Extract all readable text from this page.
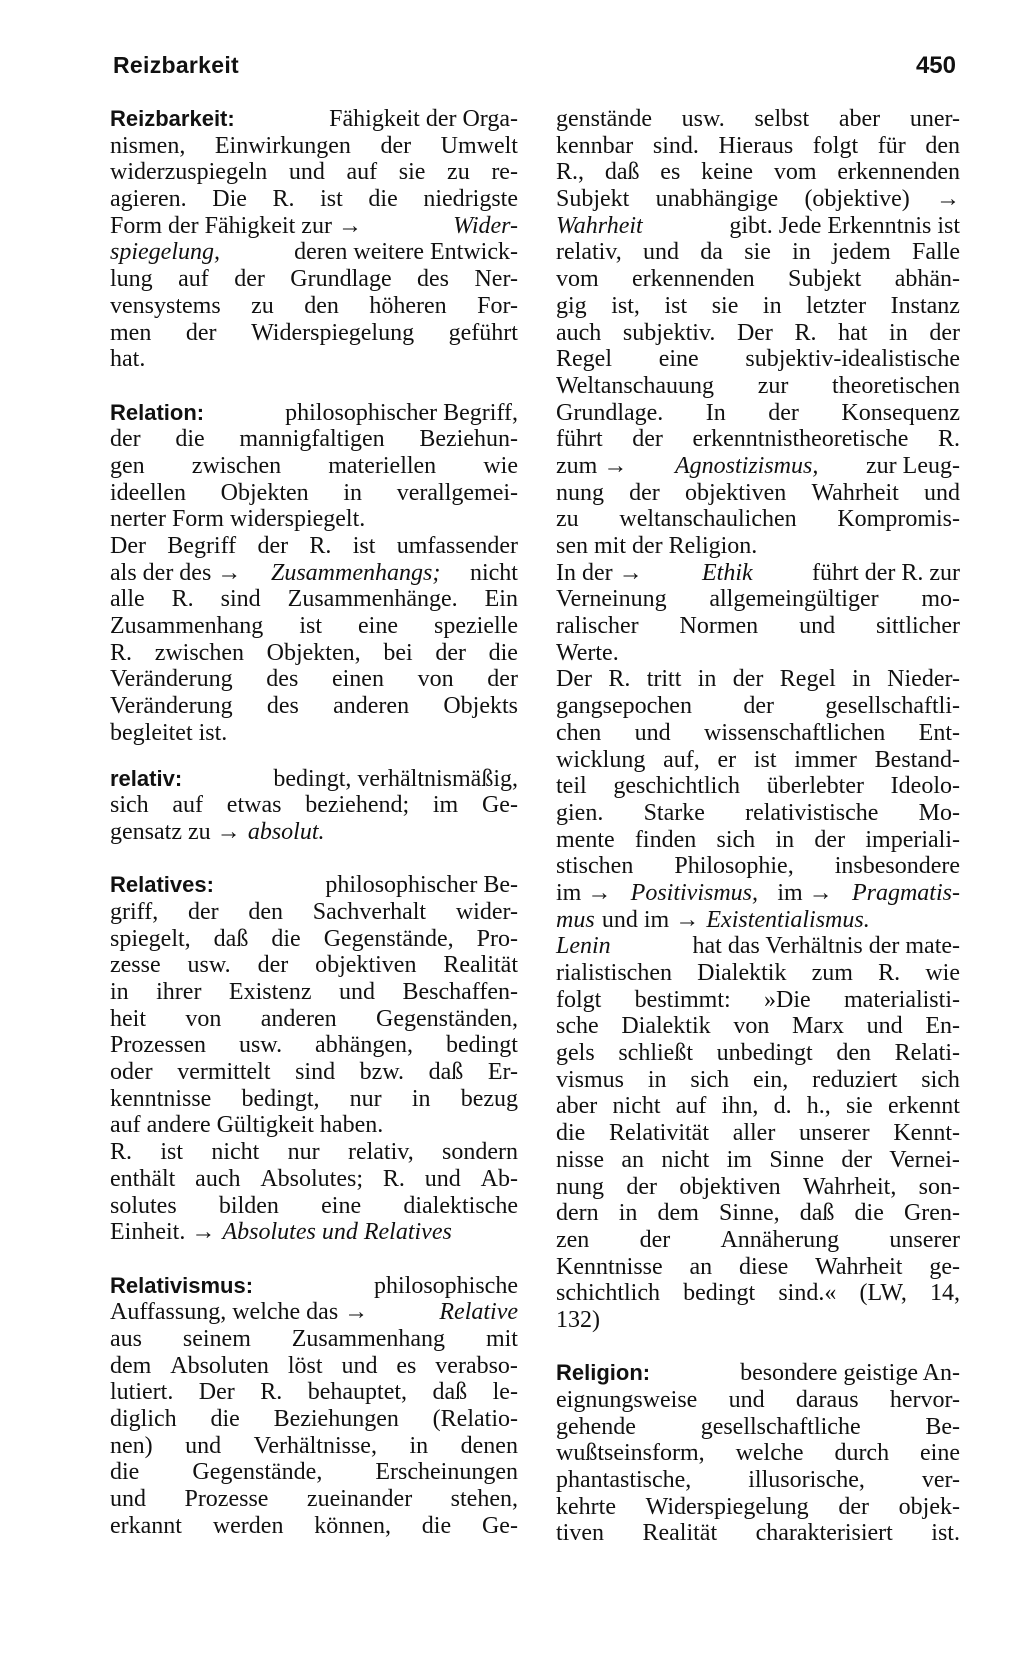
Reizbarkeit	450
Reizbarkeit:	Fähigkeit der Orga-
nismen, Einwirkungen der Umwelt
widerzuspiegeln und auf sie zu re-
agieren. Die R. ist die niedrigste
Form der Fähigkeit zur →	Wider-
spiegelung,	deren weitere Entwick-
lung auf der Grundlage des Ner-
vensystems zu den höheren For-
men der Widerspiegelung geführt
hat.
Relation:	philosophischer Begriff,
der die mannigfaltigen Beziehun-
gen zwischen materiellen wie
ideellen Objekten in verallgemei-
nerter Form widerspiegelt.
Der Begriff der R. ist umfassender
als der des → Zusammenhangs; nicht
alle R. sind Zusammenhänge. Ein
Zusammenhang ist eine spezielle
R. zwischen Objekten, bei der die
Veränderung des einen von der
Veränderung des anderen Objekts
begleitet ist.
relativ:	bedingt, verhältnismäßig,
sich auf etwas beziehend; im Ge-
gensatz zu → absolut.
Relatives:	philosophischer Be-
griff, der den Sachverhalt wider-
spiegelt, daß die Gegenstände, Pro-
zesse usw. der objektiven Realität
in ihrer Existenz und Beschaffen-
heit von anderen Gegenständen,
Prozessen usw. abhängen, bedingt
oder vermittelt sind bzw. daß Er-
kenntnisse bedingt, nur in bezug
auf andere Gültigkeit haben.
R. ist nicht nur relativ, sondern
enthält auch Absolutes; R. und Ab-
solutes bilden eine dialektische
Einheit. → Absolutes und Relatives
Relativismus:	philosophische
Auffassung, welche das →	Relative
aus seinem Zusammenhang mit
dem Absoluten löst und es verabso-
lutiert. Der R. behauptet, daß le-
diglich die Beziehungen (Relatio-
nen) und Verhältnisse, in denen
die Gegenstände, Erscheinungen
und Prozesse zueinander stehen,
erkannt werden können, die Ge-
genstände usw. selbst aber uner-
kennbar sind. Hieraus folgt für den
R., daß es keine vom erkennenden
Subjekt unabhängige (objektive) →
Wahrheit	gibt. Jede Erkenntnis ist
relativ, und da sie in jedem Falle
vom erkennenden Subjekt abhän-
gig ist, ist sie in letzter Instanz
auch subjektiv. Der R. hat in der
Regel eine subjektiv-idealistische
Weltanschauung zur theoretischen
Grundlage. In der Konsequenz
führt der erkenntnistheoretische R.
zum → Agnostizismus, zur Leug-
nung der objektiven Wahrheit und
zu weltanschaulichen Kompromis-
sen mit der Religion.
In der → Ethik führt der R. zur
Verneinung allgemeingültiger mo-
ralischer Normen und sittlicher
Werte.
Der R. tritt in der Regel in Nieder-
gangsepochen der gesellschaftli-
chen und wissenschaftlichen Ent-
wicklung auf, er ist immer Bestand-
teil geschichtlich überlebter Ideolo-
gien. Starke relativistische Mo-
mente finden sich in der imperiali-
stischen Philosophie, insbesondere
im → Positivismus, im → Pragmatis-
mus und im → Existentialismus.
Lenin	hat das Verhältnis der mate-
rialistischen Dialektik zum R. wie
folgt bestimmt: »Die materialisti-
sche Dialektik von Marx und En-
gels schließt unbedingt den Relati-
vismus in sich ein, reduziert sich
aber nicht auf ihn, d. h., sie erkennt
die Relativität aller unserer Kennt-
nisse an nicht im Sinne der Vernei-
nung der objektiven Wahrheit, son-
dern in dem Sinne, daß die Gren-
zen der Annäherung unserer
Kenntnisse an diese Wahrheit ge-
schichtlich bedingt sind.« (LW, 14,
132)
Religion:	besondere geistige An-
eignungsweise und daraus hervor-
gehende	gesellschaftliche	Be-
wußtseinsform, welche durch eine
phantastische, illusorische, ver-
kehrte Widerspiegelung der objek-
tiven Realität charakterisiert ist.
